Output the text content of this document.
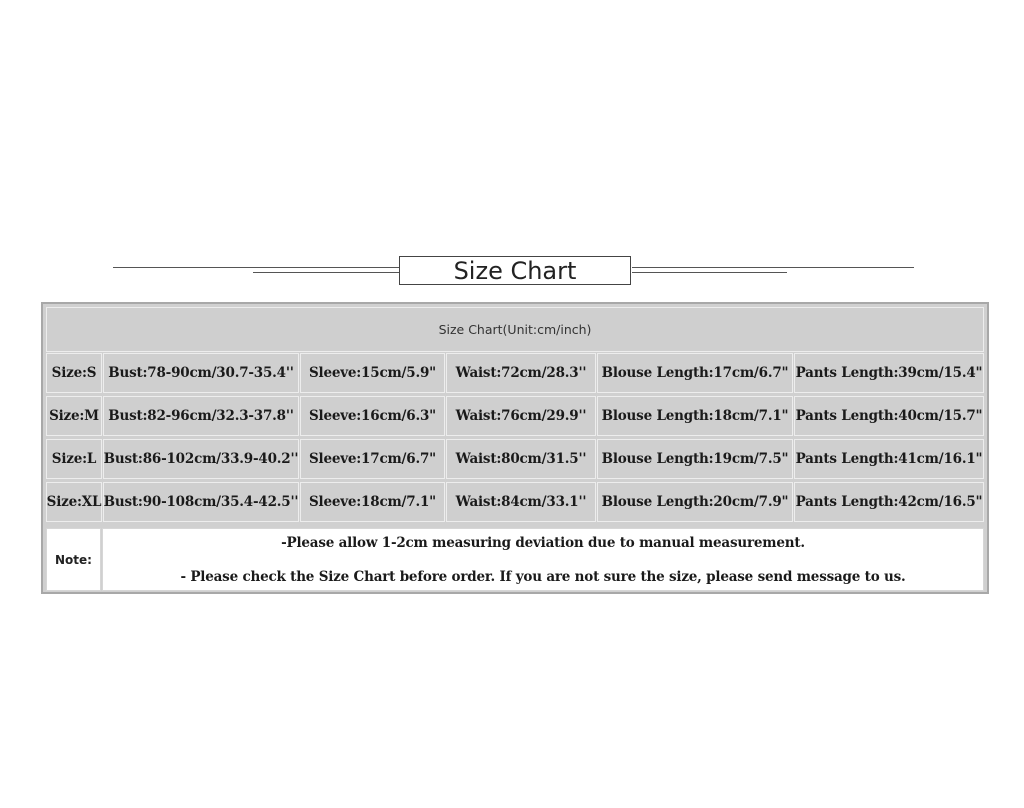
Size Chart
Size Chart(Unit:cm/inch)
Size:S Bust:78-90cm/30.7-35.4''	Sleeve:15cm/5.9"	Waist:72cm/28.3''	Blouse Length:17cm/6.7" Pants Length:39cm/15.4"
Size:M Bust:82-96cm/32.3-37.8''	Sleeve:16cm/6.3"	Waist:76cm/29.9''	Blouse Length:18cm/7.1" Pants Length:40cm/15.7"
Size:L Bust:86-102cm/33.9-40.2'' Sleeve:17cm/6.7"	Waist:80cm/31.5''	Blouse Length:19cm/7.5" Pants Length:41cm/16.1"
Size:XL Bust:90-108cm/35.4-42.5'' Sleeve:18cm/7.1"	Waist:84cm/33.1''	Blouse Length:20cm/7.9" Pants Length:42cm/16.5"
Note:
-Please allow 1-2cm measuring deviation due to manual measurement.
- Please check the Size Chart before order. If you are not sure the size, please send message to us.
